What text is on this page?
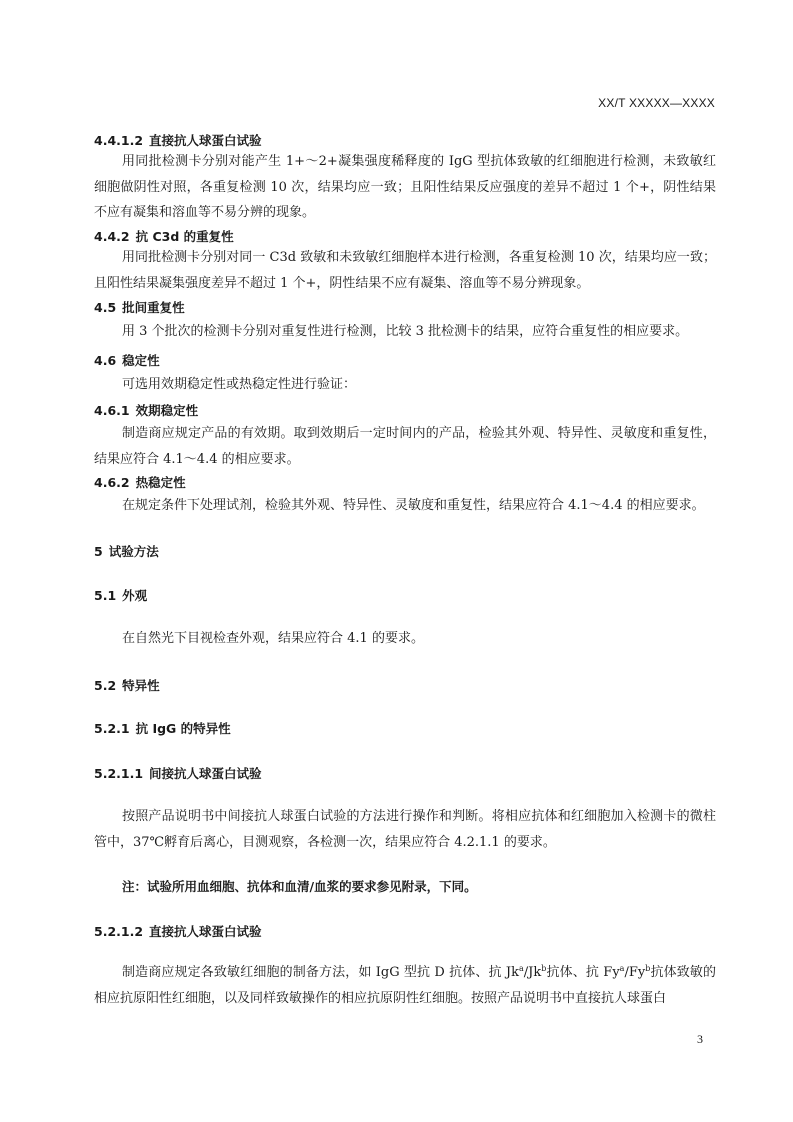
XX/T XXXXX—XXXX
4.4.1.2 直接抗人球蛋白试验

用同批检测卡分别对能产生 1+～2+凝集强度稀释度的 IgG 型抗体致敏的红细胞进行检测，未致敏红细胞做阴性对照，各重复检测 10 次，结果均应一致；且阳性结果反应强度的差异不超过 1 个+，阴性结果不应有凝集和溶血等不易分辨的现象。

4.4.2 抗 C3d 的重复性

用同批检测卡分别对同一 C3d 致敏和未致敏红细胞样本进行检测，各重复检测 10 次，结果均应一致；且阳性结果凝集强度差异不超过 1 个+，阴性结果不应有凝集、溶血等不易分辨现象。

4.5 批间重复性

用 3 个批次的检测卡分别对重复性进行检测，比较 3 批检测卡的结果，应符合重复性的相应要求。

4.6 稳定性

可选用效期稳定性或热稳定性进行验证：

4.6.1 效期稳定性

制造商应规定产品的有效期。取到效期后一定时间内的产品，检验其外观、特异性、灵敏度和重复性，结果应符合 4.1～4.4 的相应要求。

4.6.2 热稳定性

在规定条件下处理试剂，检验其外观、特异性、灵敏度和重复性，结果应符合 4.1～4.4 的相应要求。

5 试验方法
5.1 外观

在自然光下目视检查外观，结果应符合 4.1 的要求。

5.2 特异性
5.2.1 抗 IgG 的特异性
5.2.1.1 间接抗人球蛋白试验

按照产品说明书中间接抗人球蛋白试验的方法进行操作和判断。将相应抗体和红细胞加入检测卡的微柱管中，37℃孵育后离心，目测观察，各检测一次，结果应符合 4.2.1.1 的要求。

注：试验所用血细胞、抗体和血清/血浆的要求参见附录，下同。
5.2.1.2 直接抗人球蛋白试验

制造商应规定各致敏红细胞的制备方法，如 IgG 型抗 D 抗体、抗 Jk$^a$/Jk$^b$抗体、抗 Fy$^a$/Fy$^b$抗体致敏的相应抗原阳性红细胞，以及同样致敏操作的相应抗原阴性红细胞。按照产品说明书中直接抗人球蛋白

3
